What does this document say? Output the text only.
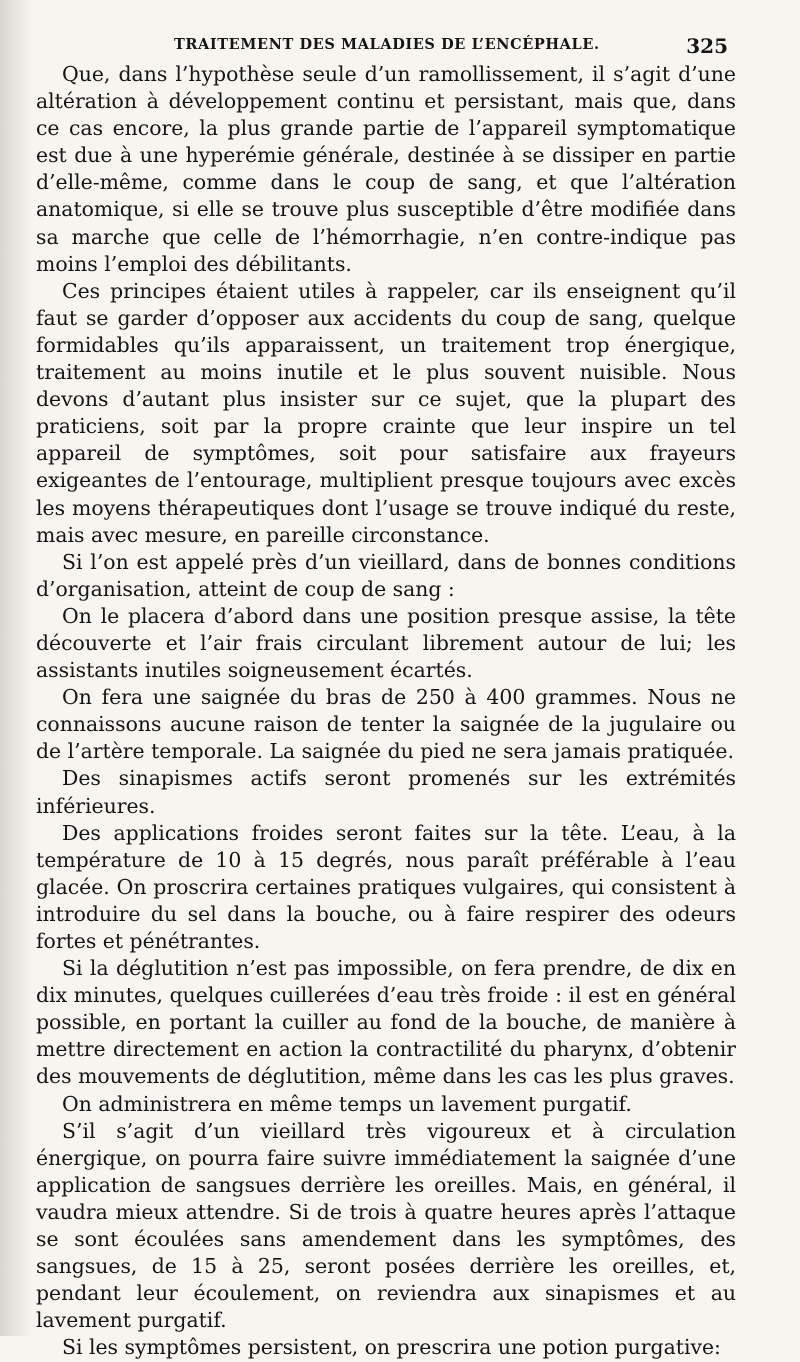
TRAITEMENT DES MALADIES DE L’ENCÉPHALE.	325

Que, dans l’hypothèse seule d’un ramollissement, il s’agit d’une altération à développement continu et persistant, mais que, dans ce cas encore, la plus grande partie de l’appareil symptomatique est due à une hyperémie générale, destinée à se dissiper en partie d’elle-même, comme dans le coup de sang, et que l’altération anatomique, si elle se trouve plus susceptible d’être modifiée dans sa marche que celle de l’hémorrhagie, n’en contre-indique pas moins l’emploi des débilitants.

Ces principes étaient utiles à rappeler, car ils enseignent qu’il faut se garder d’opposer aux accidents du coup de sang, quelque formidables qu’ils apparaissent, un traitement trop énergique, traitement au moins inutile et le plus souvent nuisible. Nous devons d’autant plus insister sur ce sujet, que la plupart des praticiens, soit par la propre crainte que leur inspire un tel appareil de symptômes, soit pour satisfaire aux frayeurs exigeantes de l’entourage, multiplient presque toujours avec excès les moyens thérapeutiques dont l’usage se trouve indiqué du reste, mais avec mesure, en pareille circonstance.

Si l’on est appelé près d’un vieillard, dans de bonnes conditions d’organisation, atteint de coup de sang :

On le placera d’abord dans une position presque assise, la tête découverte et l’air frais circulant librement autour de lui; les assistants inutiles soigneusement écartés.

On fera une saignée du bras de 250 à 400 grammes. Nous ne connaissons aucune raison de tenter la saignée de la jugulaire ou de l’artère temporale. La saignée du pied ne sera jamais pratiquée.

Des sinapismes actifs seront promenés sur les extrémités inférieures.

Des applications froides seront faites sur la tête. L’eau, à la température de 10 à 15 degrés, nous paraît préférable à l’eau glacée. On proscrira certaines pratiques vulgaires, qui consistent à introduire du sel dans la bouche, ou à faire respirer des odeurs fortes et pénétrantes.

Si la déglutition n’est pas impossible, on fera prendre, de dix en dix minutes, quelques cuillerées d’eau très froide : il est en général possible, en portant la cuiller au fond de la bouche, de manière à mettre directement en action la contractilité du pharynx, d’obtenir des mouvements de déglutition, même dans les cas les plus graves.

On administrera en même temps un lavement purgatif.

S’il s’agit d’un vieillard très vigoureux et à circulation énergique, on pourra faire suivre immédiatement la saignée d’une application de sangsues derrière les oreilles. Mais, en général, il vaudra mieux attendre. Si de trois à quatre heures après l’attaque se sont écoulées sans amendement dans les symptômes, des sangsues, de 15 à 25, seront posées derrière les oreilles, et, pendant leur écoulement, on reviendra aux sinapismes et au lavement purgatif.

Si les symptômes persistent, on prescrira une potion purgative:
